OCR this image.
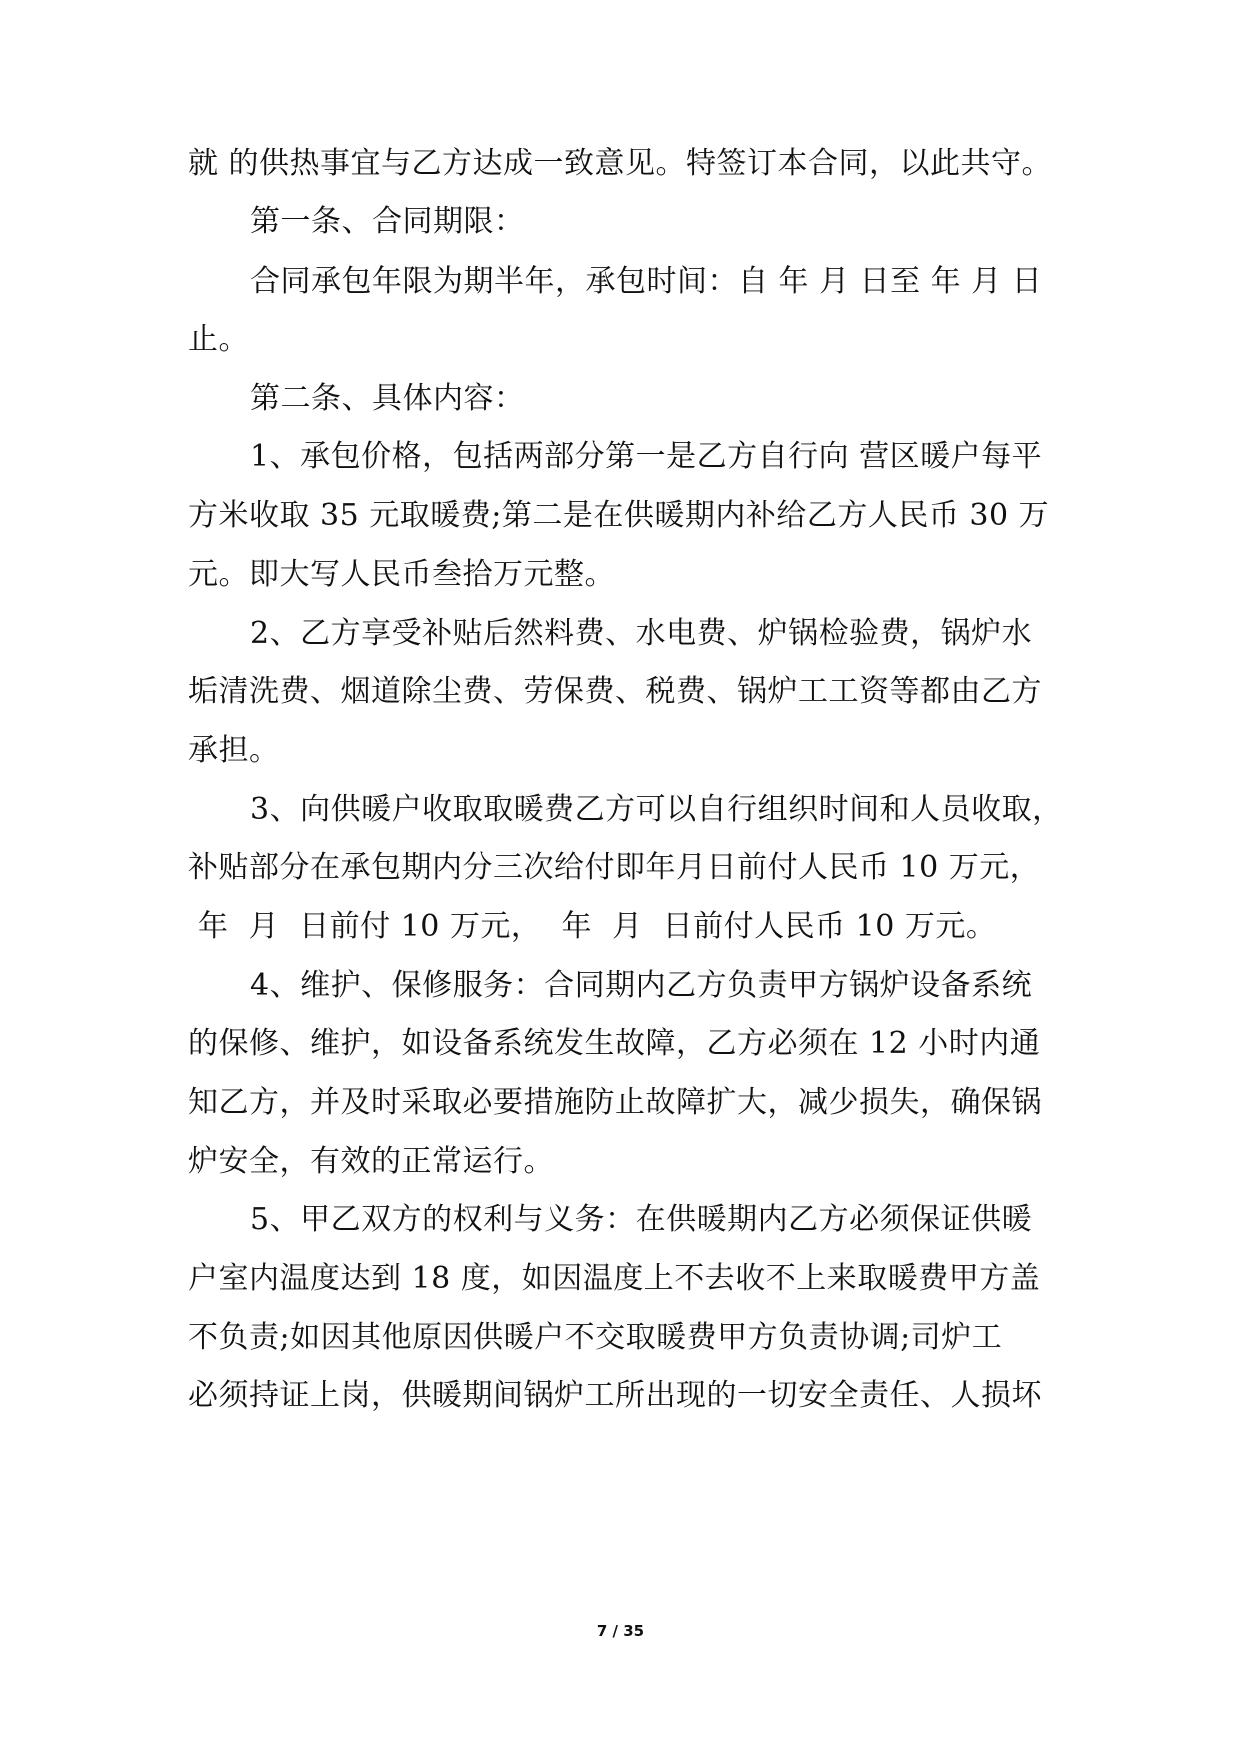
就 的供热事宜与乙方达成一致意见。特签订本合同，以此共守。
第一条、合同期限：
合同承包年限为期半年，承包时间：自 年 月 日至 年 月 日
止。
第二条、具体内容：
1、承包价格，包括两部分第一是乙方自行向 营区暖户每平
方米收取 35 元取暖费;第二是在供暖期内补给乙方人民币 30 万
元。即大写人民币叁拾万元整。
2、乙方享受补贴后然料费、水电费、炉锅检验费，锅炉水
垢清洗费、烟道除尘费、劳保费、税费、锅炉工工资等都由乙方
承担。
3、向供暖户收取取暖费乙方可以自行组织时间和人员收取，
补贴部分在承包期内分三次给付即年月日前付人民币 10 万元，
年  月  日前付 10 万元，  年  月  日前付人民币 10 万元。
4、维护、保修服务：合同期内乙方负责甲方锅炉设备系统
的保修、维护，如设备系统发生故障，乙方必须在 12 小时内通
知乙方，并及时采取必要措施防止故障扩大，减少损失，确保锅
炉安全，有效的正常运行。
5、甲乙双方的权利与义务：在供暖期内乙方必须保证供暖
户室内温度达到 18 度，如因温度上不去收不上来取暖费甲方盖
不负责;如因其他原因供暖户不交取暖费甲方负责协调;司炉工
必须持证上岗，供暖期间锅炉工所出现的一切安全责任、人损坏
7 / 35
